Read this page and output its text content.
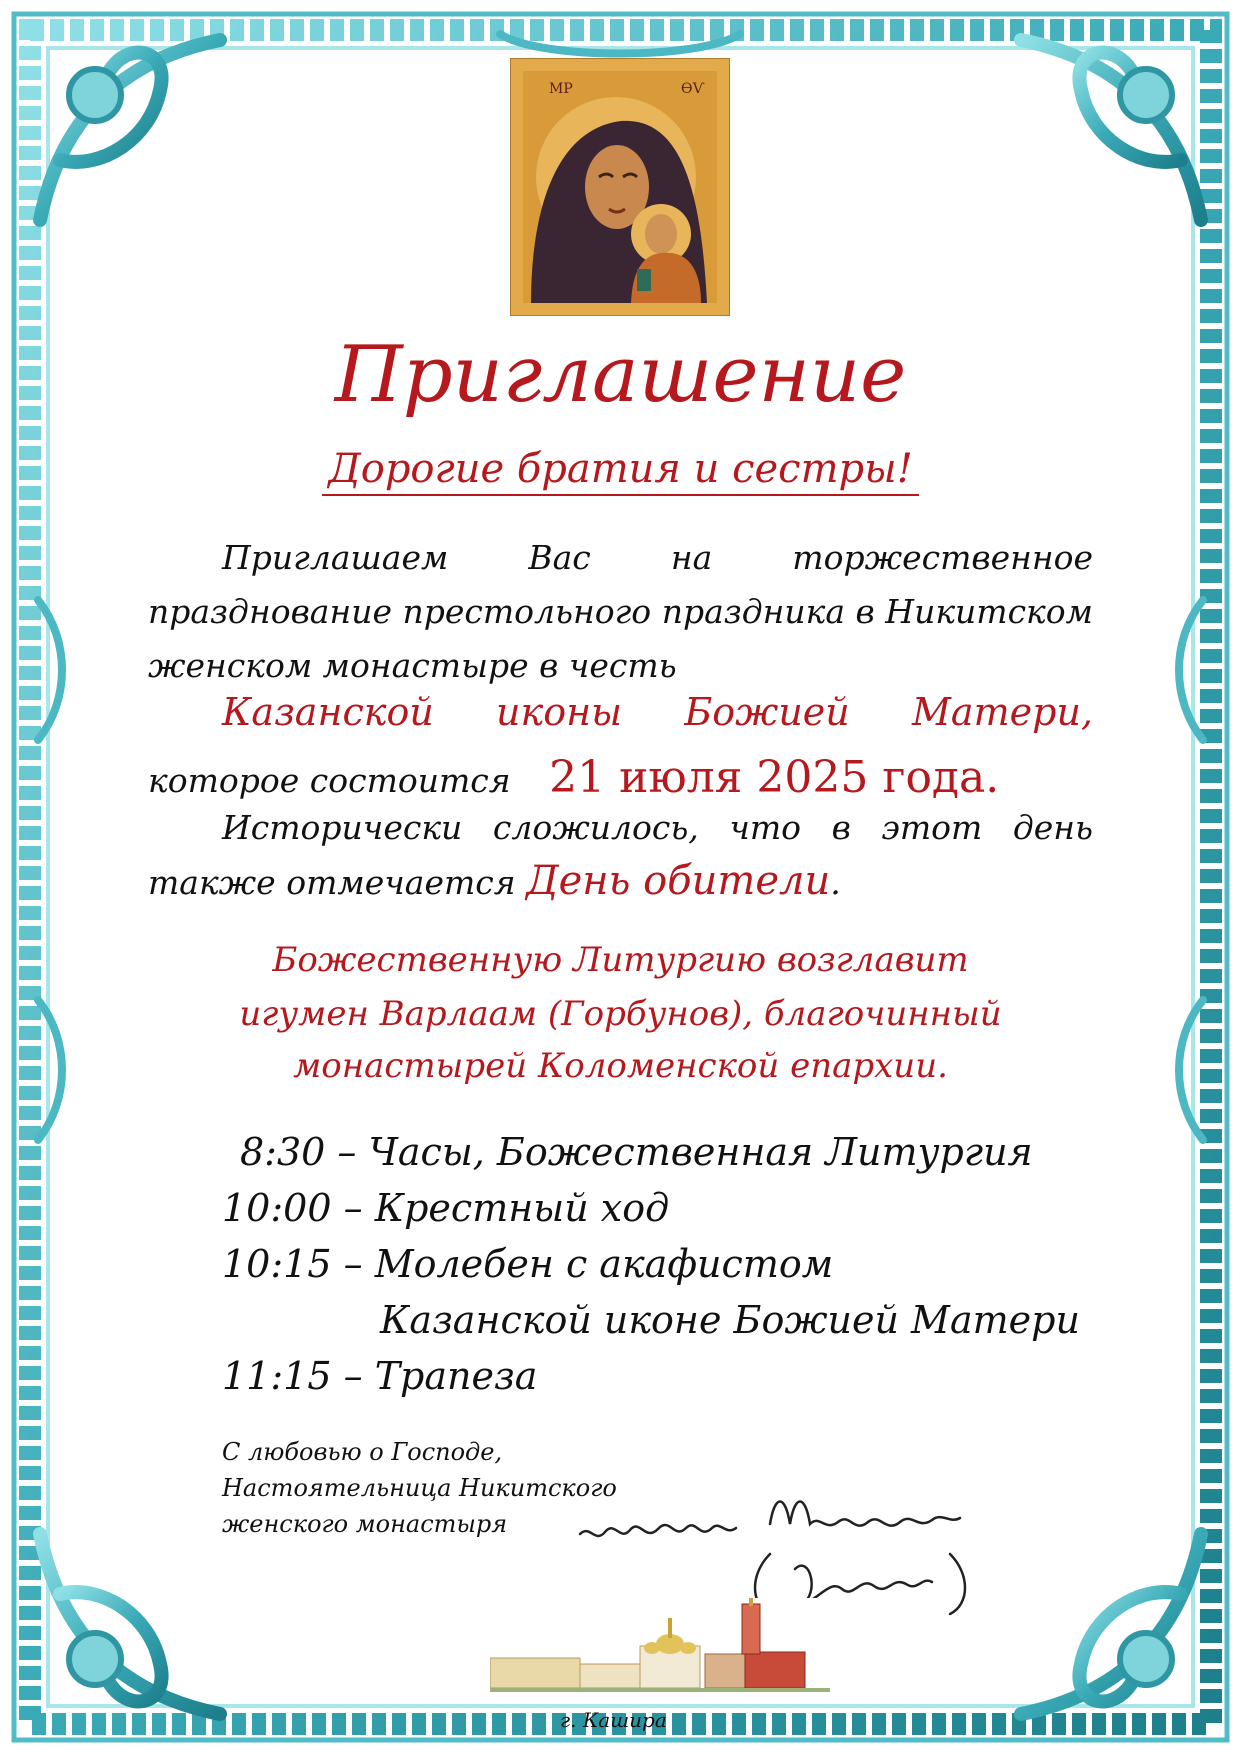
МР	ѲѴ
Приглашение
Дорогие братия и сестры!
Приглашаем Вас на торжественное
празднование престольного праздника в Никитском
женском монастыре в честь
Казанской иконы Божией Матери,
которое состоится 21 июля 2025 года.
Исторически сложилось, что в этот день
также отмечается День обители.
Божественную Литургию возглавит
игумен Варлаам (Горбунов), благочинный
монастырей Коломенской епархии.
8:30 – Часы, Божественная Литургия
10:00 – Крестный ход
10:15 – Молебен с акафистом
Казанской иконе Божией Матери
11:15 – Трапеза
С любовью о Господе,
Настоятельница Никитского
женского монастыря
г. Кашира
